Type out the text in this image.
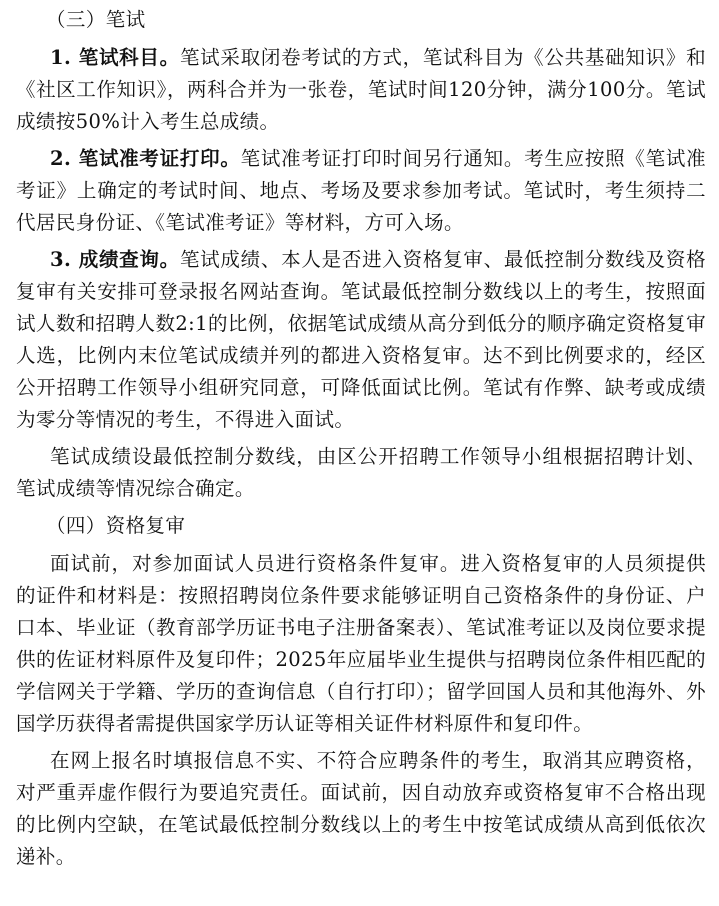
（三）笔试

1. 笔试科目。笔试采取闭卷考试的方式，笔试科目为《公共基础知识》和《社区工作知识》，两科合并为一张卷，笔试时间120分钟，满分100分。笔试成绩按50%计入考生总成绩。

2. 笔试准考证打印。笔试准考证打印时间另行通知。考生应按照《笔试准考证》上确定的考试时间、地点、考场及要求参加考试。笔试时，考生须持二代居民身份证、《笔试准考证》等材料，方可入场。

3. 成绩查询。笔试成绩、本人是否进入资格复审、最低控制分数线及资格复审有关安排可登录报名网站查询。笔试最低控制分数线以上的考生，按照面试人数和招聘人数2:1的比例，依据笔试成绩从高分到低分的顺序确定资格复审人选，比例内末位笔试成绩并列的都进入资格复审。达不到比例要求的，经区公开招聘工作领导小组研究同意，可降低面试比例。笔试有作弊、缺考或成绩为零分等情况的考生，不得进入面试。

笔试成绩设最低控制分数线，由区公开招聘工作领导小组根据招聘计划、笔试成绩等情况综合确定。

（四）资格复审

面试前，对参加面试人员进行资格条件复审。进入资格复审的人员须提供的证件和材料是：按照招聘岗位条件要求能够证明自己资格条件的身份证、户口本、毕业证（教育部学历证书电子注册备案表）、笔试准考证以及岗位要求提供的佐证材料原件及复印件；2025年应届毕业生提供与招聘岗位条件相匹配的学信网关于学籍、学历的查询信息（自行打印）；留学回国人员和其他海外、外国学历获得者需提供国家学历认证等相关证件材料原件和复印件。

在网上报名时填报信息不实、不符合应聘条件的考生，取消其应聘资格，对严重弄虚作假行为要追究责任。面试前，因自动放弃或资格复审不合格出现的比例内空缺，在笔试最低控制分数线以上的考生中按笔试成绩从高到低依次递补。
